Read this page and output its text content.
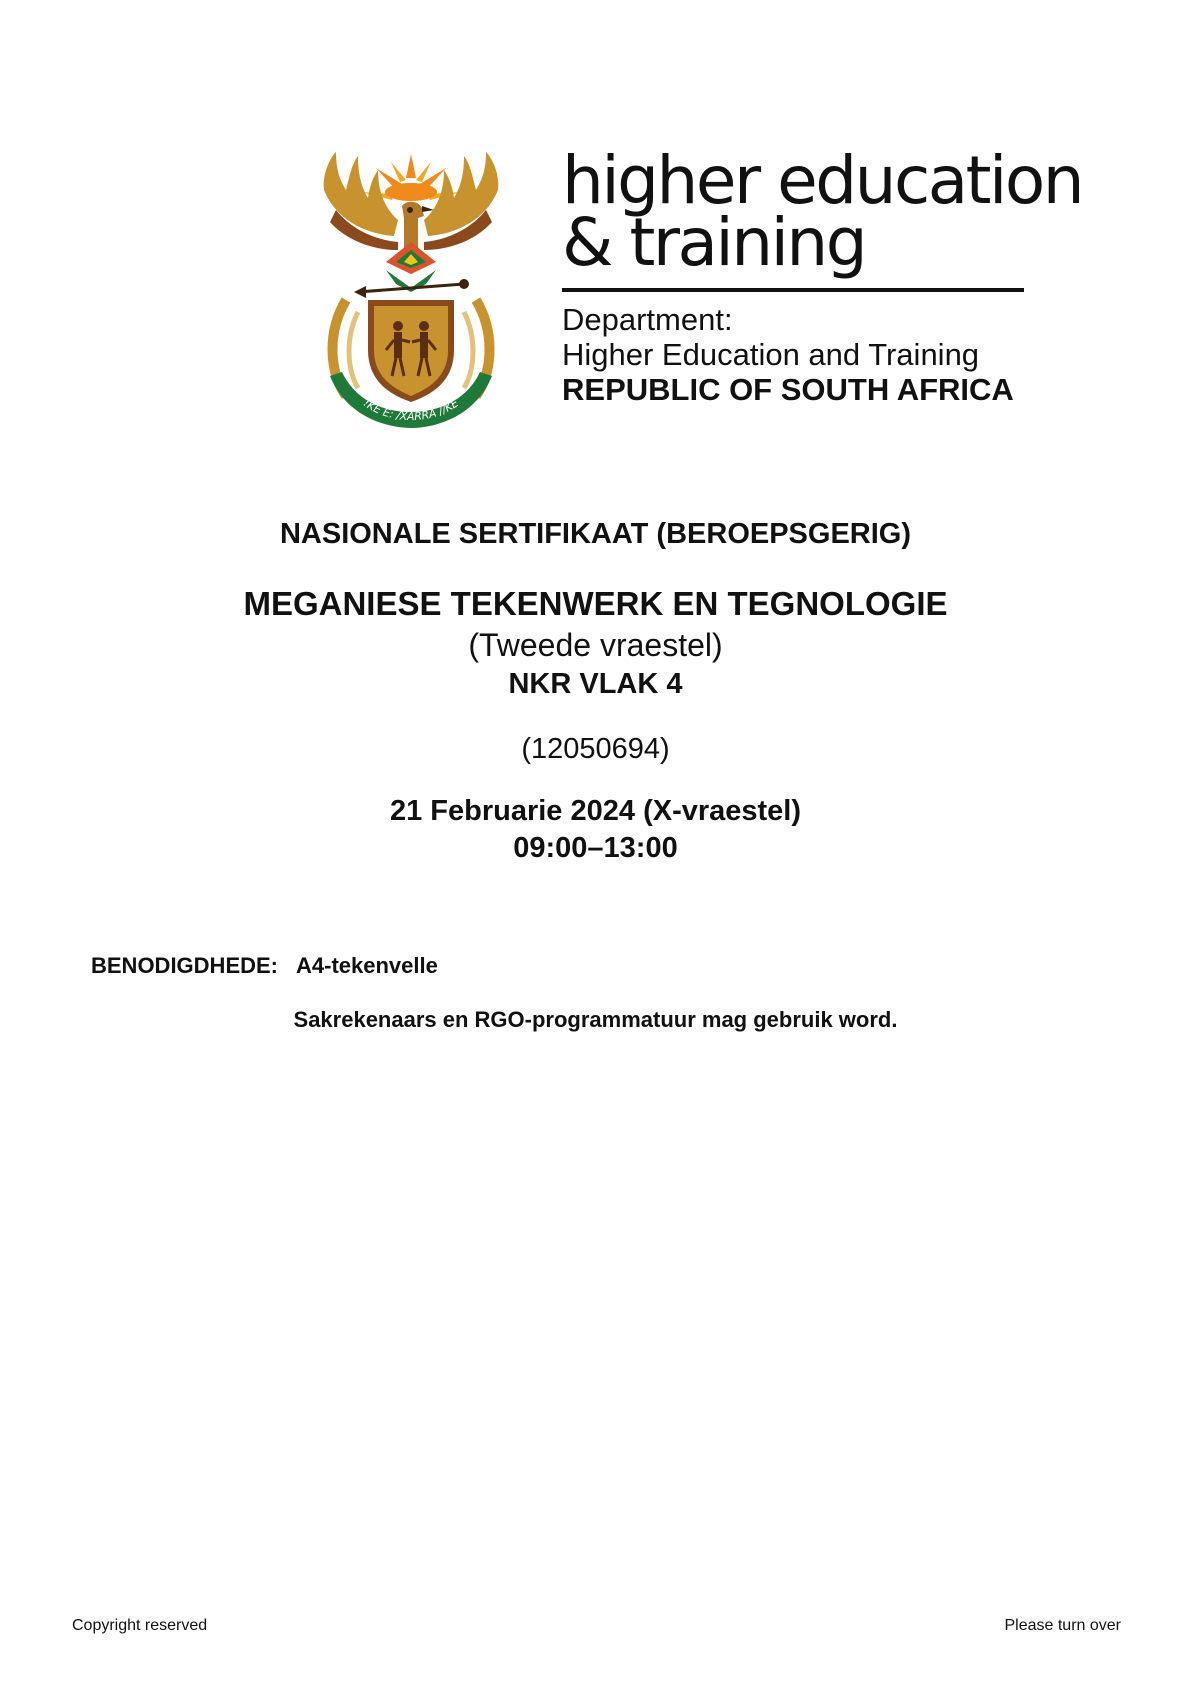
!KE E: /XARRA //KE
higher education
& training
Department:
Higher Education and Training
REPUBLIC OF SOUTH AFRICA
NASIONALE SERTIFIKAAT (BEROEPSGERIG)
MEGANIESE TEKENWERK EN TEGNOLOGIE
(Tweede vraestel)
NKR VLAK 4
(12050694)
21 Februarie 2024 (X-vraestel)
09:00–13:00
BENODIGDHEDE: A4-tekenvelle
Sakrekenaars en RGO-programmatuur mag gebruik word.
Copyright reserved	Please turn over
